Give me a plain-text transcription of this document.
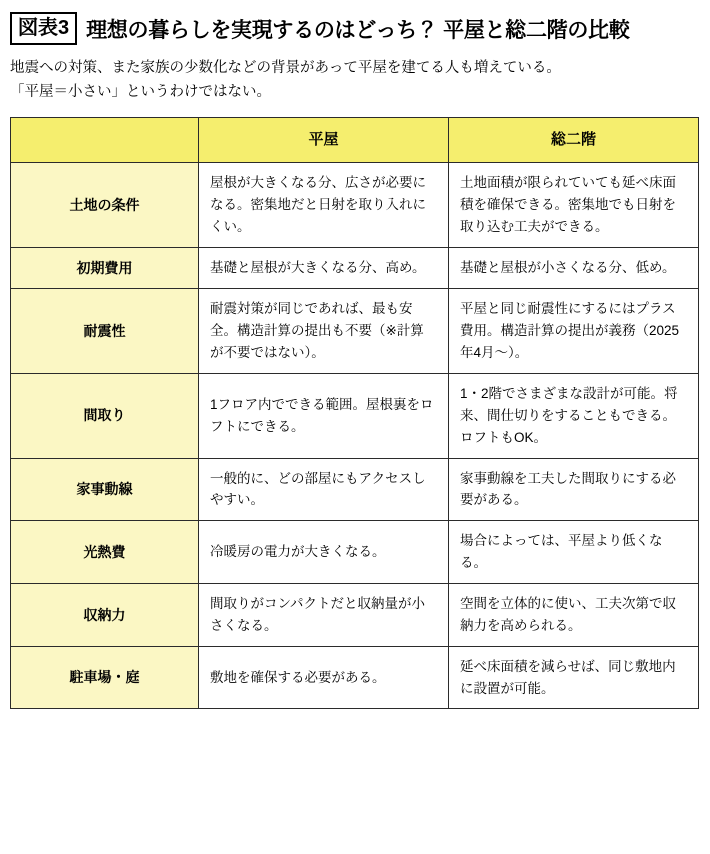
図表3 理想の暮らしを実現するのはどっち？ 平屋と総二階の比較
地震への対策、また家族の少数化などの背景があって平屋を建てる人も増えている。
「平屋＝小さい」というわけではない。
	平屋	総二階
土地の条件	屋根が大きくなる分、広さが必要になる。密集地だと日射を取り入れにくい。	土地面積が限られていても延べ床面積を確保できる。密集地でも日射を取り込む工夫ができる。
初期費用	基礎と屋根が大きくなる分、高め。	基礎と屋根が小さくなる分、低め。
耐震性	耐震対策が同じであれば、最も安全。構造計算の提出も不要（※計算が不要ではない）。	平屋と同じ耐震性にするにはプラス費用。構造計算の提出が義務（2025年4月〜）。
間取り	1フロア内でできる範囲。屋根裏をロフトにできる。	1・2階でさまざまな設計が可能。将来、間仕切りをすることもできる。ロフトもOK。
家事動線	一般的に、どの部屋にもアクセスしやすい。	家事動線を工夫した間取りにする必要がある。
光熱費	冷暖房の電力が大きくなる。	場合によっては、平屋より低くなる。
収納力	間取りがコンパクトだと収納量が小さくなる。	空間を立体的に使い、工夫次第で収納力を高められる。
駐車場・庭	敷地を確保する必要がある。	延べ床面積を減らせば、同じ敷地内に設置が可能。
